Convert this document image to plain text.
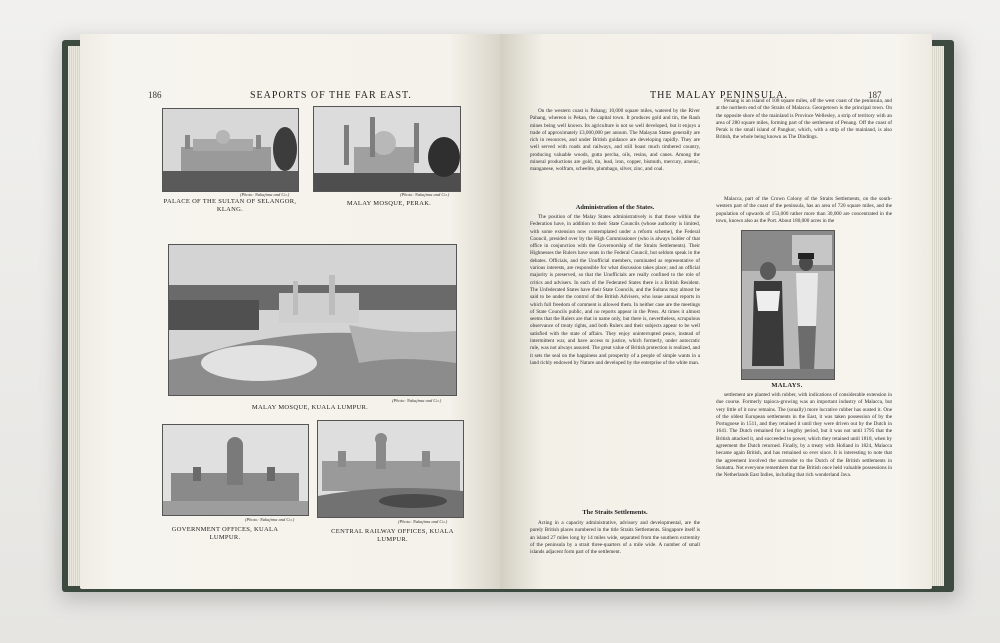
186	SEAPORTS OF THE FAR EAST.
(Photo: Nakajima and Co.)
PALACE OF THE SULTAN OF SELANGOR, KLANG.
(Photo: Nakajima and Co.)
MALAY MOSQUE, PERAK.
(Photo: Nakajima and Co.)
MALAY MOSQUE, KUALA LUMPUR.
(Photo: Nakajima and Co.)
GOVERNMENT OFFICES, KUALA LUMPUR.
(Photo: Nakajima and Co.)
CENTRAL RAILWAY OFFICES, KUALA LUMPUR.
THE MALAY PENINSULA.	187

On the western coast is Pahang; 10,000 square miles, watered by the River Pahang, whereon is Pekan, the capital town. It produces gold and tin, the Rauh mines being well known. Its agriculture is not so well developed, but it enjoys a trade of approximately £3,000,000 per annum. The Malayan States generally are rich in resources, and under British guidance are developing rapidly. They are well served with roads and railways, and still boast much timbered country, producing valuable woods, gutta percha, oils, resins, and canes. Among the mineral productions are gold, tin, lead, iron, copper, bismuth, mercury, arsenic, manganese, wolfram, scheelite, plumbago, silver, zinc, and coal.

Administration of the States.

The position of the Malay States administratively is that those within the Federation have, in addition to their State Councils (whose authority is limited, with some extension now contemplated under a reform scheme), the Federal Council, presided over by the High Commissioner (who is always holder of that office in conjunction with the Governorship of the Straits Settlements). Their Highnesses the Rulers have seats in the Federal Council, but seldom speak in the debates. Officials, and the Unofficial members, nominated as representative of various interests, are responsible for what discussion takes place; and an official majority is preserved, so that the Unofficials are really confined to the role of critics and advisers. In each of the Federated States there is a British Resident. The Unfederated States have their State Councils, and the Sultans may almost be said to be under the control of the British Advisers, who issue annual reports in which full freedom of comment is allowed them. In neither case are the meetings of State Councils public, and no reports appear in the Press. At times it almost seems that the Rulers are that in name only, but there is, nevertheless, scrupulous observance of treaty rights, and both Rulers and their subjects appear to be well satisfied with the state of affairs. They enjoy uninterrupted peace, instead of intermittent war, and have access to justice, which formerly, under autocratic rule, was not always assured. The great value of British protection is realized, and it sets the seal on the happiness and prosperity of a people of simple wants in a land richly endowed by Nature and developed by the enterprise of the white man.

The Straits Settlements.

Acting in a capacity administrative, advisory and developmental, are the purely British places numbered in the title Straits Settlements. Singapore itself is an island 27 miles long by 14 miles wide, separated from the southern extremity of the peninsula by a strait three-quarters of a mile wide. A number of small islands adjacent form part of the settlement.

Penang is an island of 108 square miles, off the west coast of the peninsula, and at the northern end of the Straits of Malacca. Georgetown is the principal town. On the opposite shore of the mainland is Province Wellesley, a strip of territory with an area of 280 square miles, forming part of the settlement of Penang. Off the coast of Perak is the small island of Pangkor, which, with a strip of the mainland, is also British, the whole being known as The Dindings.

Malacca, part of the Crown Colony of the Straits Settlements, on the south-western part of the coast of the peninsula, has an area of 720 square miles, and the population of upwards of 153,000 rather more than 30,000 are concentrated in the town, known also as the Port. About 180,000 acres in the

MALAYS.

settlement are planted with rubber, with indications of considerable extension in due course. Formerly tapioca-growing was an important industry of Malacca, but very little of it now remains. The (usually) more lucrative rubber has ousted it. One of the oldest European settlements in the East, it was taken possession of by the Portuguese in 1511, and they retained it until they were driven out by the Dutch in 1641. The Dutch remained for a lengthy period, but it was not until 1795 that the British attacked it, and succeeded to power, which they retained until 1818, when by agreement the Dutch returned. Finally, by a treaty with Holland in 1824, Malacca became again British, and has remained so ever since. It is interesting to note that the agreement involved the surrender to the Dutch of the British settlements in Sumatra. Not everyone remembers that the British once held valuable possessions in the Netherlands East Indies, including that rich wonderland Java.
